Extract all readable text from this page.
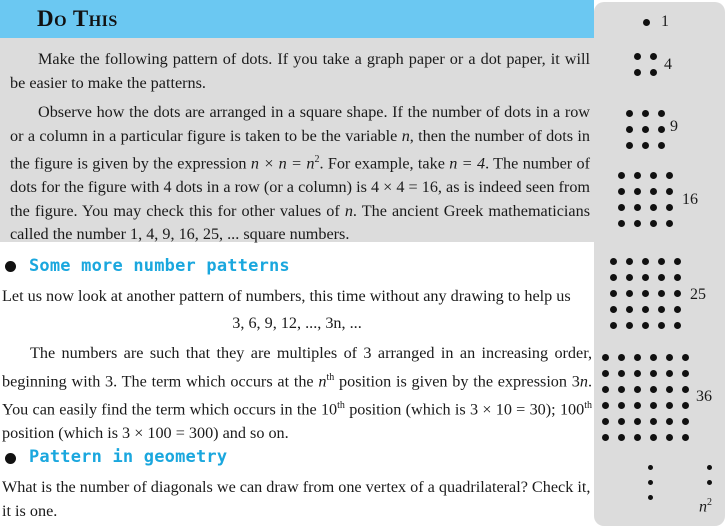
Do This
Make the following pattern of dots. If you take a graph paper or a dot paper, it will be easier to make the patterns.
Observe how the dots are arranged in a square shape. If the number of dots in a row or a column in a particular figure is taken to be the variable n, then the number of dots in the figure is given by the expression $n \times n = n^2$. For example, take n = 4. The number of dots for the figure with 4 dots in a row (or a column) is 4 × 4 = 16, as is indeed seen from the figure. You may check this for other values of n. The ancient Greek mathematicians called the number 1, 4, 9, 16, 25, ... square numbers.
Some more number patterns
Let us now look at another pattern of numbers, this time without any drawing to help us
3, 6, 9, 12, ..., 3n, ...
The numbers are such that they are multiples of 3 arranged in an increasing order, beginning with 3. The term which occurs at the $n^{th}$ position is given by the expression 3n. You can easily find the term which occurs in the 10th position (which is 3 × 10 = 30); 100th position (which is 3 × 100 = 300) and so on.
Pattern in geometry
What is the number of diagonals we can draw from one vertex of a quadrilateral? Check it, it is one.
1
4
9
16
25
36
$n^2$
